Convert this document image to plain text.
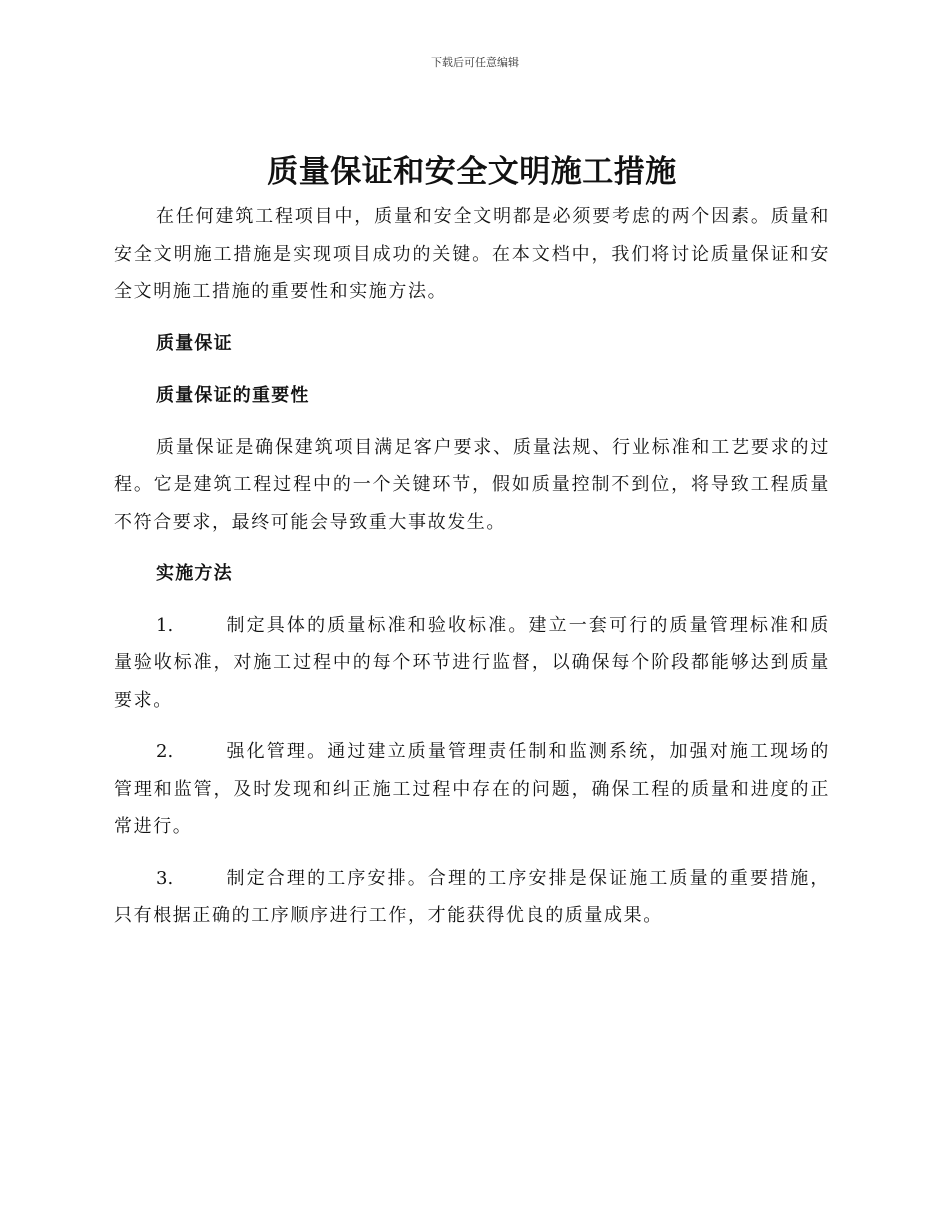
下载后可任意编辑
质量保证和安全文明施工措施

在任何建筑工程项目中，质量和安全文明都是必须要考虑的两个因素。质量和安全文明施工措施是实现项目成功的关键。在本文档中，我们将讨论质量保证和安全文明施工措施的重要性和实施方法。

质量保证
质量保证的重要性

质量保证是确保建筑项目满足客户要求、质量法规、行业标准和工艺要求的过程。它是建筑工程过程中的一个关键环节，假如质量控制不到位，将导致工程质量不符合要求，最终可能会导致重大事故发生。

实施方法

1.	制定具体的质量标准和验收标准。建立一套可行的质量管理标准和质量验收标准，对施工过程中的每个环节进行监督，以确保每个阶段都能够达到质量要求。

2.	强化管理。通过建立质量管理责任制和监测系统，加强对施工现场的管理和监管，及时发现和纠正施工过程中存在的问题，确保工程的质量和进度的正常进行。

3.	制定合理的工序安排。合理的工序安排是保证施工质量的重要措施，只有根据正确的工序顺序进行工作，才能获得优良的质量成果。
